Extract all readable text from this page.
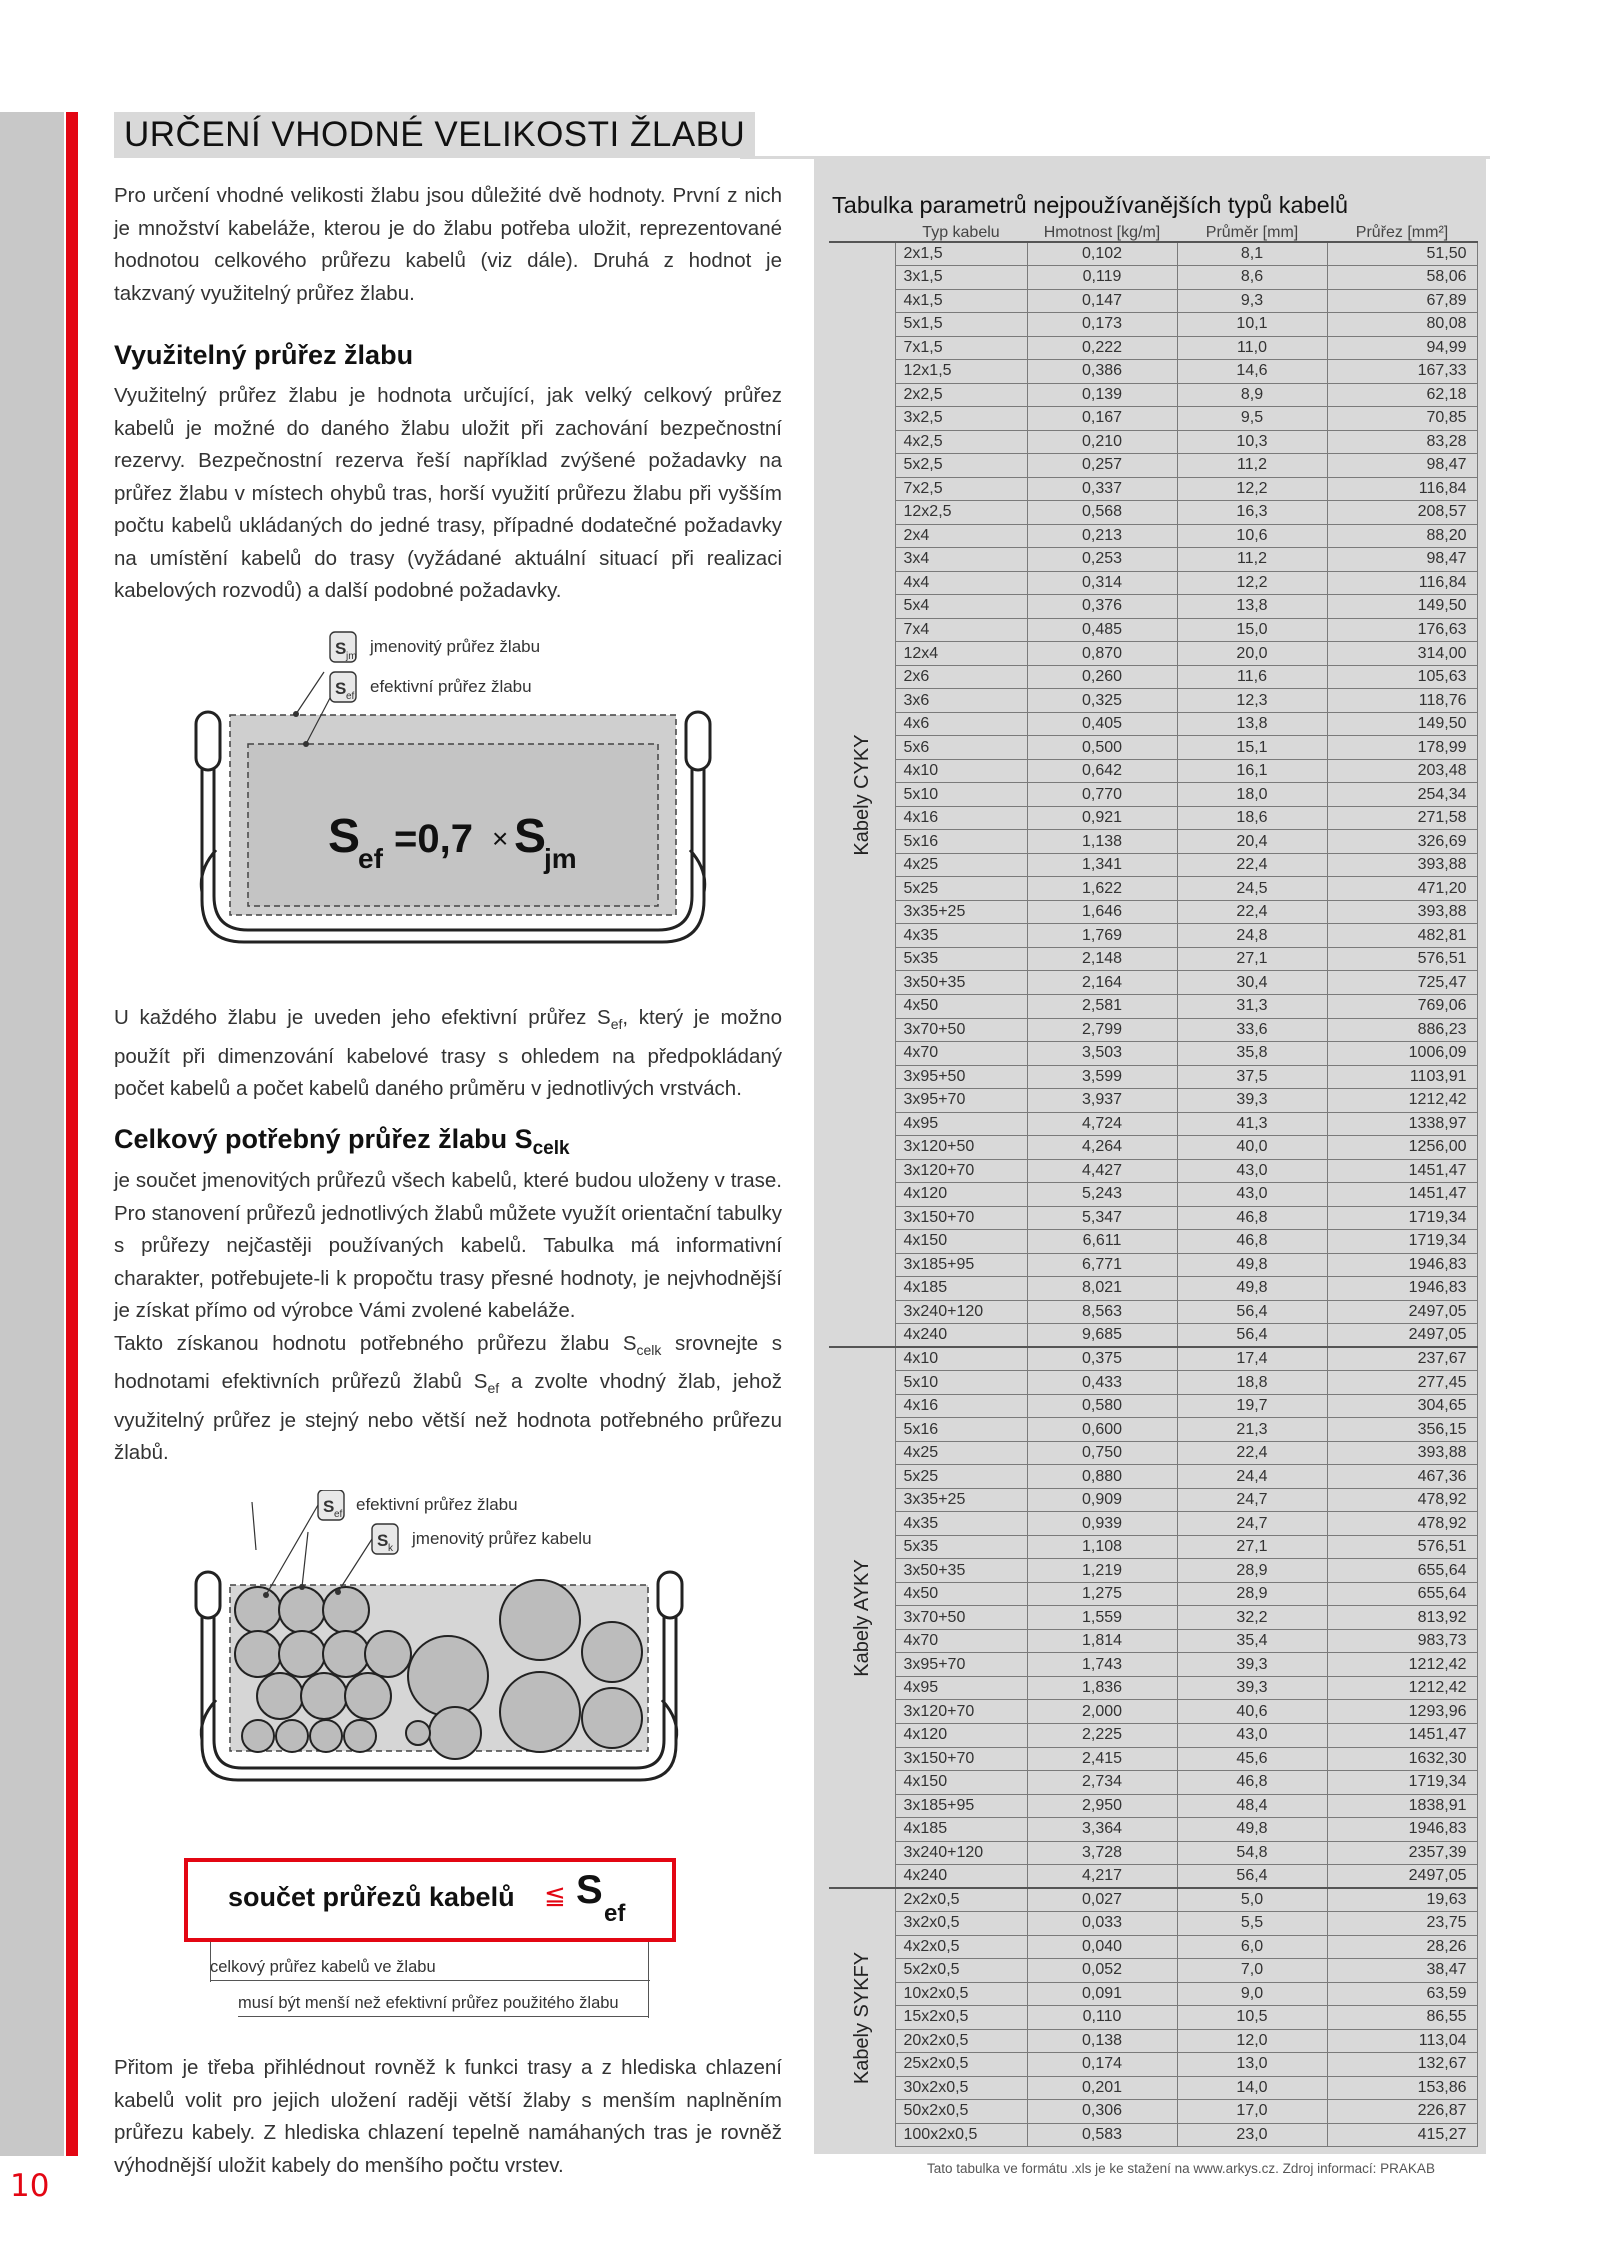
10
URČENÍ VHODNÉ VELIKOSTI ŽLABU

Pro určení vhodné velikosti žlabu jsou důležité dvě hodnoty. První z nich je množství kabeláže, kterou je do žlabu potřeba uložit, reprezentované hodnotou celkového průřezu kabelů (viz dále). Druhá z hodnot je takzvaný využitelný průřez žlabu.

Využitelný průřez žlabu

Využitelný průřez žlabu je hodnota určující, jak velký celkový průřez kabelů je možné do daného žlabu uložit při zachování bezpečnostní rezervy. Bezpečnostní rezerva řeší například zvýšené požadavky na průřez žlabu v místech ohybů tras, horší využití průřezu žlabu při vyšším počtu kabelů ukládaných do jedné trasy, případné dodatečné požadavky na umístění kabelů do trasy (vyžádané aktuální situací při realizaci kabelových rozvodů) a další podobné požadavky.

S jm
jmenovitý průřez žlabu
S ef
efektivní průřez žlabu
S
ef =0,7 × S
jm

U každého žlabu je uveden jeho efektivní průřez $S_{ef}$, který je možno použít při dimenzování kabelové trasy s ohledem na předpokládaný počet kabelů a počet kabelů daného průměru v jednotlivých vrstvách.

Celkový potřebný průřez žlabu $S_{celk}$

je součet jmenovitých průřezů všech kabelů, které budou uloženy v trase. Pro stanovení průřezů jednotlivých žlabů můžete využít orientační tabulky s průřezy nejčastěji používaných kabelů. Tabulka má informativní charakter, potřebujete-li k propočtu trasy přesné hodnoty, je nejvhodnější je získat přímo od výrobce Vámi zvolené kabeláže.

Takto získanou hodnotu potřebného průřezu žlabu $S_{celk}$ srovnejte s hodnotami efektivních průřezů žlabů $S_{ef}$ a zvolte vhodný žlab, jehož využitelný průřez je stejný nebo větší než hodnota potřebného průřezu žlabů.

S ef
efektivní průřez žlabu
S k
jmenovitý průřez kabelu
součet průřezů kabelů ≦ S
ef
celkový průřez kabelů ve žlabu
musí být menší než efektivní průřez použitého žlabu

Přitom je třeba přihlédnout rovněž k funkci trasy a z hlediska chlazení kabelů volit pro jejich uložení raději větší žlaby s menším naplněním průřezu kabely. Z hlediska chlazení tepelně namáhaných tras je rovněž výhodnější uložit kabely do menšího počtu vrstev.

Tabulka parametrů nejpoužívanějších typů kabelů
	Typ kabelu	Hmotnost [kg/m]	Průměr [mm]	Průřez [mm²]

Kabely CYKY	2x1,5	0,102	8,1	51,50
	3x1,5	0,119	8,6	58,06
	4x1,5	0,147	9,3	67,89
	5x1,5	0,173	10,1	80,08
	7x1,5	0,222	11,0	94,99
	12x1,5	0,386	14,6	167,33
	2x2,5	0,139	8,9	62,18
	3x2,5	0,167	9,5	70,85
	4x2,5	0,210	10,3	83,28
	5x2,5	0,257	11,2	98,47
	7x2,5	0,337	12,2	116,84
	12x2,5	0,568	16,3	208,57
	2x4	0,213	10,6	88,20
	3x4	0,253	11,2	98,47
	4x4	0,314	12,2	116,84
	5x4	0,376	13,8	149,50
	7x4	0,485	15,0	176,63
	12x4	0,870	20,0	314,00
	2x6	0,260	11,6	105,63
	3x6	0,325	12,3	118,76
	4x6	0,405	13,8	149,50
	5x6	0,500	15,1	178,99
	4x10	0,642	16,1	203,48
	5x10	0,770	18,0	254,34
	4x16	0,921	18,6	271,58
	5x16	1,138	20,4	326,69
	4x25	1,341	22,4	393,88
	5x25	1,622	24,5	471,20
	3x35+25	1,646	22,4	393,88
	4x35	1,769	24,8	482,81
	5x35	2,148	27,1	576,51
	3x50+35	2,164	30,4	725,47
	4x50	2,581	31,3	769,06
	3x70+50	2,799	33,6	886,23
	4x70	3,503	35,8	1006,09
	3x95+50	3,599	37,5	1103,91
	3x95+70	3,937	39,3	1212,42
	4x95	4,724	41,3	1338,97
	3x120+50	4,264	40,0	1256,00
	3x120+70	4,427	43,0	1451,47
	4x120	5,243	43,0	1451,47
	3x150+70	5,347	46,8	1719,34
	4x150	6,611	46,8	1719,34
	3x185+95	6,771	49,8	1946,83
	4x185	8,021	49,8	1946,83
	3x240+120	8,563	56,4	2497,05
	4x240	9,685	56,4	2497,05

Kabely AYKY	4x10	0,375	17,4	237,67
	5x10	0,433	18,8	277,45
	4x16	0,580	19,7	304,65
	5x16	0,600	21,3	356,15
	4x25	0,750	22,4	393,88
	5x25	0,880	24,4	467,36
	3x35+25	0,909	24,7	478,92
	4x35	0,939	24,7	478,92
	5x35	1,108	27,1	576,51
	3x50+35	1,219	28,9	655,64
	4x50	1,275	28,9	655,64
	3x70+50	1,559	32,2	813,92
	4x70	1,814	35,4	983,73
	3x95+70	1,743	39,3	1212,42
	4x95	1,836	39,3	1212,42
	3x120+70	2,000	40,6	1293,96
	4x120	2,225	43,0	1451,47
	3x150+70	2,415	45,6	1632,30
	4x150	2,734	46,8	1719,34
	3x185+95	2,950	48,4	1838,91
	4x185	3,364	49,8	1946,83
	3x240+120	3,728	54,8	2357,39
	4x240	4,217	56,4	2497,05

Kabely SYKFY	2x2x0,5	0,027	5,0	19,63
	3x2x0,5	0,033	5,5	23,75
	4x2x0,5	0,040	6,0	28,26
	5x2x0,5	0,052	7,0	38,47
	10x2x0,5	0,091	9,0	63,59
	15x2x0,5	0,110	10,5	86,55
	20x2x0,5	0,138	12,0	113,04
	25x2x0,5	0,174	13,0	132,67
	30x2x0,5	0,201	14,0	153,86
	50x2x0,5	0,306	17,0	226,87
	100x2x0,5	0,583	23,0	415,27
Tato tabulka ve formátu .xls je ke stažení na www.arkys.cz. Zdroj informací: PRAKAB
